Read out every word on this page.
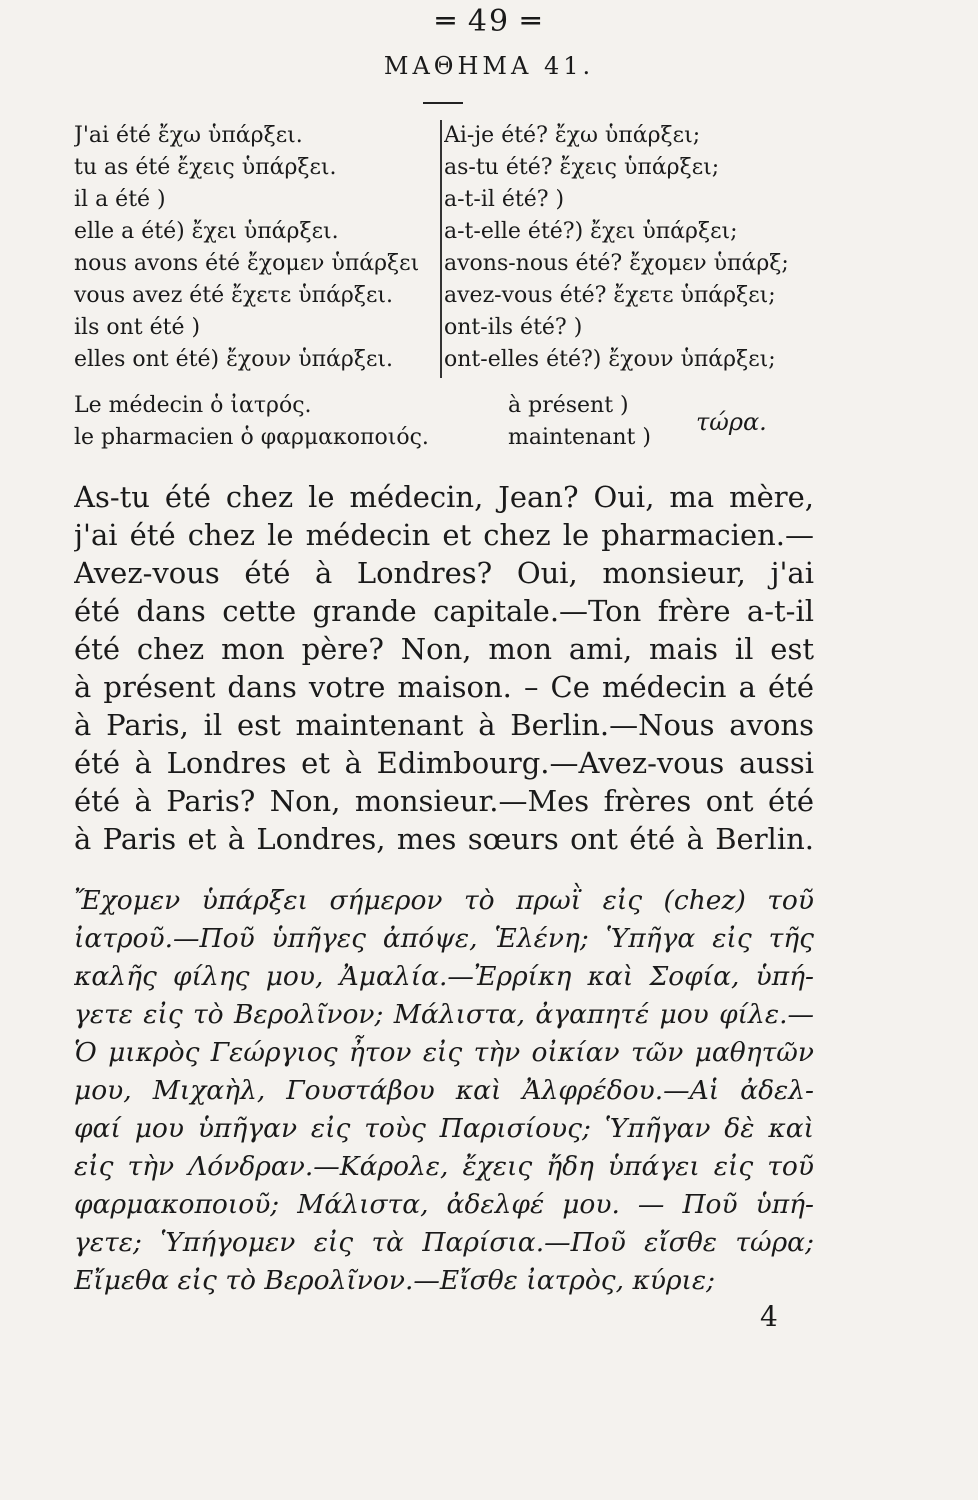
═ 49 ═
ΜΑΘΗΜΑ 41.
J'ai été ἔχω ὑπάρξει.
tu as été ἔχεις ὑπάρξει.
il a été )
elle a été) ἔχει ὑπάρξει.
nous avons été ἔχομεν ὑπάρξει
vous avez été ἔχετε ὑπάρξει.
ils ont été )
elles ont été) ἔχουν ὑπάρξει.
Ai-je été? ἔχω ὑπάρξει;
as-tu été? ἔχεις ὑπάρξει;
a-t-il été? )
a-t-elle été?) ἔχει ὑπάρξει;
avons-nous été? ἔχομεν ὑπάρξ;
avez-vous été? ἔχετε ὑπάρξει;
ont-ils été? )
ont-elles été?) ἔχουν ὑπάρξει;
Le médecin ὁ ἰατρός.
le pharmacien ὁ φαρμακοποιός.
à présent )
maintenant )
τώρα.
As-tu été chez le médecin, Jean? Oui, ma mère,
j'ai été chez le médecin et chez le pharmacien.—
Avez-vous été à Londres? Oui, monsieur, j'ai
été dans cette grande capitale.—Ton frère a-t-il
été chez mon père? Non, mon ami, mais il est
à présent dans votre maison. – Ce médecin a été
à Paris, il est maintenant à Berlin.—Nous avons
été à Londres et à Edimbourg.—Avez-vous aussi
été à Paris? Non, monsieur.—Mes frères ont été
à Paris et à Londres, mes sœurs ont été à Berlin.
Ἔχομεν ὑπάρξει σήμερον τὸ πρωῒ εἰς (chez) τοῦ
ἰατροῦ.—Ποῦ ὑπῆγες ἀπόψε, Ἑλένη; Ὑπῆγα εἰς τῆς
καλῆς φίλης μου, Ἀμαλία.—Ἐρρίκη καὶ Σοφία, ὑπή-
γετε εἰς τὸ Βερολῖνον; Μάλιστα, ἀγαπητέ μου φίλε.—
Ὁ μικρὸς Γεώργιος ἦτον εἰς τὴν οἰκίαν τῶν μαθητῶν
μου, Μιχαὴλ, Γουστάβου καὶ Ἀλφρέδου.—Αἱ ἀδελ-
φαί μου ὑπῆγαν εἰς τοὺς Παρισίους; Ὑπῆγαν δὲ καὶ
εἰς τὴν Λόνδραν.—Κάρολε, ἔχεις ἤδη ὑπάγει εἰς τοῦ
φαρμακοποιοῦ; Μάλιστα, ἀδελφέ μου. — Ποῦ ὑπή-
γετε; Ὑπήγομεν εἰς τὰ Παρίσια.—Ποῦ εἴσθε τώρα;
Εἴμεθα εἰς τὸ Βερολῖνον.—Εἴσθε ἰατρὸς, κύριε;
4
